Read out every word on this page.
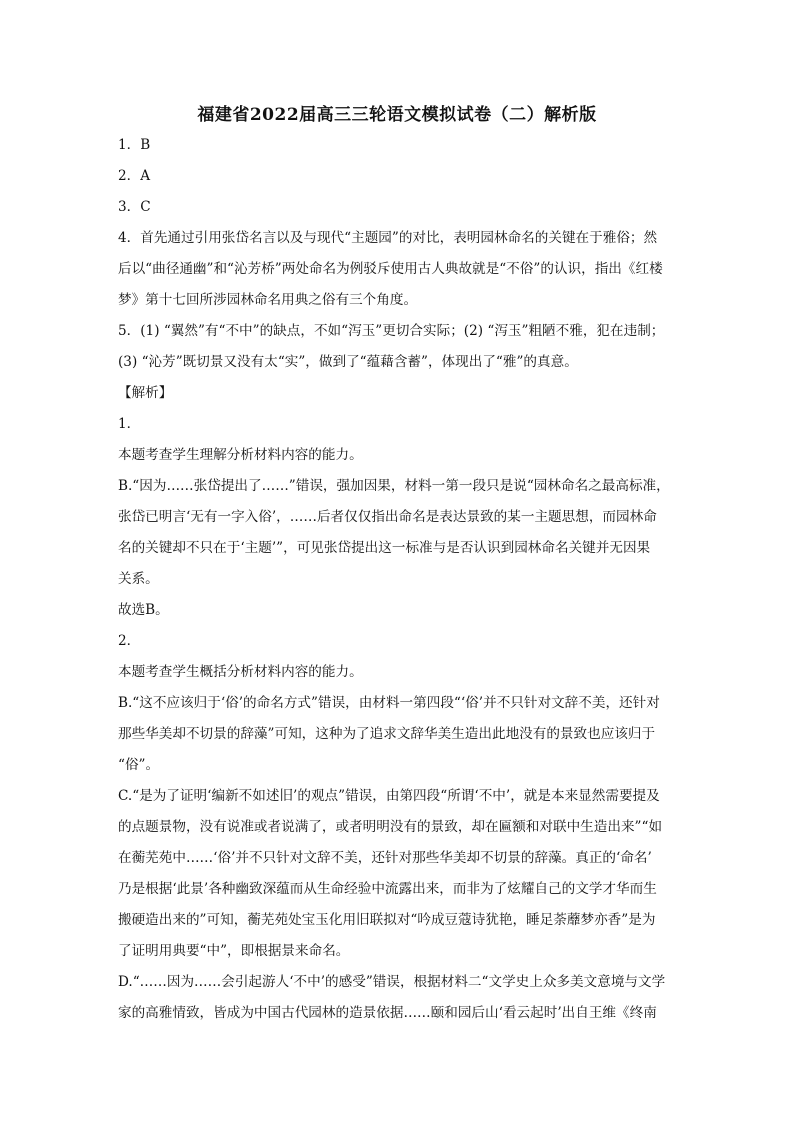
福建省2022届高三三轮语文模拟试卷（二）解析版
1．B
2．A
3．C
4．首先通过引用张岱名言以及与现代“主题园”的对比，表明园林命名的关键在于雅俗；然
后以“曲径通幽”和“沁芳桥”两处命名为例驳斥使用古人典故就是“不俗”的认识，指出《红楼
梦》第十七回所涉园林命名用典之俗有三个角度。
5．(1) “翼然”有“不中”的缺点，不如“泻玉”更切合实际；(2) “泻玉”粗陋不雅，犯在违制；
(3) “沁芳”既切景又没有太“实”，做到了“蕴藉含蓄”，体现出了“雅”的真意。
【解析】
1．
本题考查学生理解分析材料内容的能力。
B.“因为……张岱提出了……”错误，强加因果，材料一第一段只是说“园林命名之最高标准，
张岱已明言‘无有一字入俗’，……后者仅仅指出命名是表达景致的某一主题思想，而园林命
名的关键却不只在于‘主题’”，可见张岱提出这一标准与是否认识到园林命名关键并无因果
关系。
故选B。
2．
本题考查学生概括分析材料内容的能力。
B.“这不应该归于‘俗’的命名方式”错误，由材料一第四段“‘俗’并不只针对文辞不美，还针对
那些华美却不切景的辞藻”可知，这种为了追求文辞华美生造出此地没有的景致也应该归于
“俗”。
C.“是为了证明‘编新不如述旧’的观点”错误，由第四段“所谓‘不中’，就是本来显然需要提及
的点题景物，没有说准或者说满了，或者明明没有的景致，却在匾额和对联中生造出来”“如
在蘅芜苑中……‘俗’并不只针对文辞不美，还针对那些华美却不切景的辞藻。真正的‘命名’
乃是根据‘此景’各种幽致深蕴而从生命经验中流露出来，而非为了炫耀自己的文学才华而生
搬硬造出来的”可知，蘅芜苑处宝玉化用旧联拟对“吟成豆蔻诗犹艳，睡足荼蘼梦亦香”是为
了证明用典要“中”，即根据景来命名。
D.“……因为……会引起游人‘不中’的感受”错误，根据材料二“文学史上众多美文意境与文学
家的高雅情致，皆成为中国古代园林的造景依据……颐和园后山‘看云起时’出自王维《终南
